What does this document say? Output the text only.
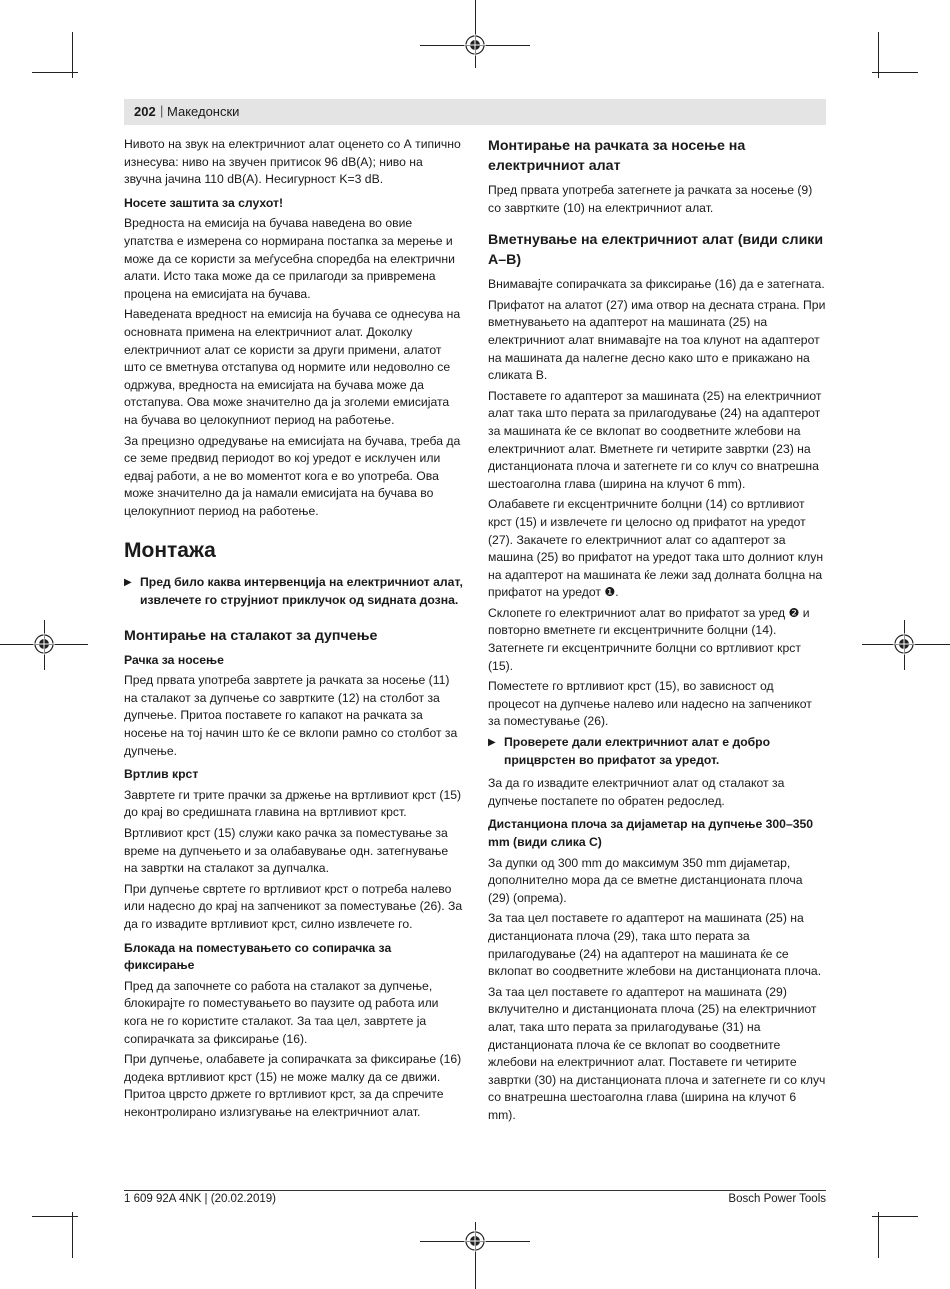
202 | Македонски

Нивото на звук на електричниот алат оценето со А типично изнесува: ниво на звучен притисок 96 dB(A); ниво на звучна јачина 110 dB(A). Несигурност K=3 dB.

Носете заштита за слухот!

Вредноста на емисија на бучава наведена во овие упатства е измерена со нормирана постапка за мерење и може да се користи за меѓусебна споредба на електрични алати. Исто така може да се прилагоди за привремена процена на емисијата на бучава.

Наведената вредност на емисија на бучава се однесува на основната примена на електричниот алат. Доколку електричниот алат се користи за други примени, алатот што се вметнува отстапува од нормите или недоволно се одржува, вредноста на емисијата на бучава може да отстапува. Ова може значително да ја зголеми емисијата на бучава во целокупниот период на работење.

За прецизно одредување на емисијата на бучава, треба да се земе предвид периодот во кој уредот е исклучен или едвај работи, а не во моментот кога е во употреба. Ова може значително да ја намали емисијата на бучава во целокупниот период на работење.

Монтажа
▶ Пред било каква интервенција на електричниот алат, извлечете го струјниот приклучок од ѕидната дозна.
Монтирање на сталакот за дупчење
Рачка за носење

Пред првата употреба завртете ја рачката за носење (11) на сталакот за дупчење со завртките (12) на столбот за дупчење. Притоа поставете го капакот на рачката за носење на тој начин што ќе се вклопи рамно со столбот за дупчење.

Вртлив крст

Завртете ги трите прачки за држење на вртливиот крст (15) до крај во средишната главина на вртливиот крст.

Вртливиот крст (15) служи како рачка за поместување за време на дупчењето и за олабавување одн. затегнување на завртки на сталакот за дупчалка.

При дупчење свртете го вртливиот крст о потреба налево или надесно до крај на запченикот за поместување (26). За да го извадите вртливиот крст, силно извлечете го.

Блокада на поместувањето со сопирачка за фиксирање

Пред да започнете со работа на сталакот за дупчење, блокирајте го поместувањето во паузите од работа или кога не го користите сталакот. За таа цел, завртете ја сопирачката за фиксирање (16).

При дупчење, олабавете ја сопирачката за фиксирање (16) додека вртливиот крст (15) не може малку да се движи. Притоа цврсто држете го вртливиот крст, за да спречите неконтролирано излизгување на електричниот алат.

Монтирање на рачката за носење на електричниот алат

Пред првата употреба затегнете ја рачката за носење (9) со завртките (10) на електричниот алат.

Вметнување на електричниот алат (види слики A–B)

Внимавајте сопирачката за фиксирање (16) да е затегната.

Прифатот на алатот (27) има отвор на десната страна. При вметнувањето на адаптерот на машината (25) на електричниот алат внимавајте на тоа клунот на адаптерот на машината да налегне десно како што е прикажано на сликата B.

Поставете го адаптерот за машината (25) на електричниот алат така што перата за прилагодување (24) на адаптерот за машината ќе се вклопат во соодветните жлебови на електричниот алат. Вметнете ги четирите завртки (23) на дистанционата плоча и затегнете ги со клуч со внатрешна шестоаголна глава (ширина на клучот 6 mm).

Олабавете ги ексцентричните болцни (14) со вртливиот крст (15) и извлечете ги целосно од прифатот на уредот (27). Закачете го електричниот алат со адаптерот за машина (25) во прифатот на уредот така што долниот клун на адаптерот на машината ќе лежи зад долната болцна на прифатот на уредот ❶.

Склопете го електричниот алат во прифатот за уред ❷ и повторно вметнете ги ексцентричните болцни (14). Затегнете ги ексцентричните болцни со вртливиот крст (15).

Поместете го вртливиот крст (15), во зависност од процесот на дупчење налево или надесно на запченикот за поместување (26).

▶ Проверете дали електричниот алат е добро прицврстен во прифатот за уредот.

За да го извадите електричниот алат од сталакот за дупчење постапете по обратен редослед.

Дистанциона плоча за дијаметар на дупчење 300–350 mm (види слика C)

За дупки од 300 mm до максимум 350 mm дијаметар, дополнително мора да се вметне дистанционата плоча (29) (опрема).

За таа цел поставете го адаптерот на машината (25) на дистанционата плоча (29), така што перата за прилагодување (24) на адаптерот на машината ќе се вклопат во соодветните жлебови на дистанционата плоча.

За таа цел поставете го адаптерот на машината (29) вклучително и дистанционата плоча (25) на електричниот алат, така што перата за прилагодување (31) на дистанционата плоча ќе се вклопат во соодветните жлебови на електричниот алат. Поставете ги четирите завртки (30) на дистанционата плоча и затегнете ги со клуч со внатрешна шестоаголна глава (ширина на клучот 6 mm).

1 609 92A 4NK | (20.02.2019)	Bosch Power Tools
